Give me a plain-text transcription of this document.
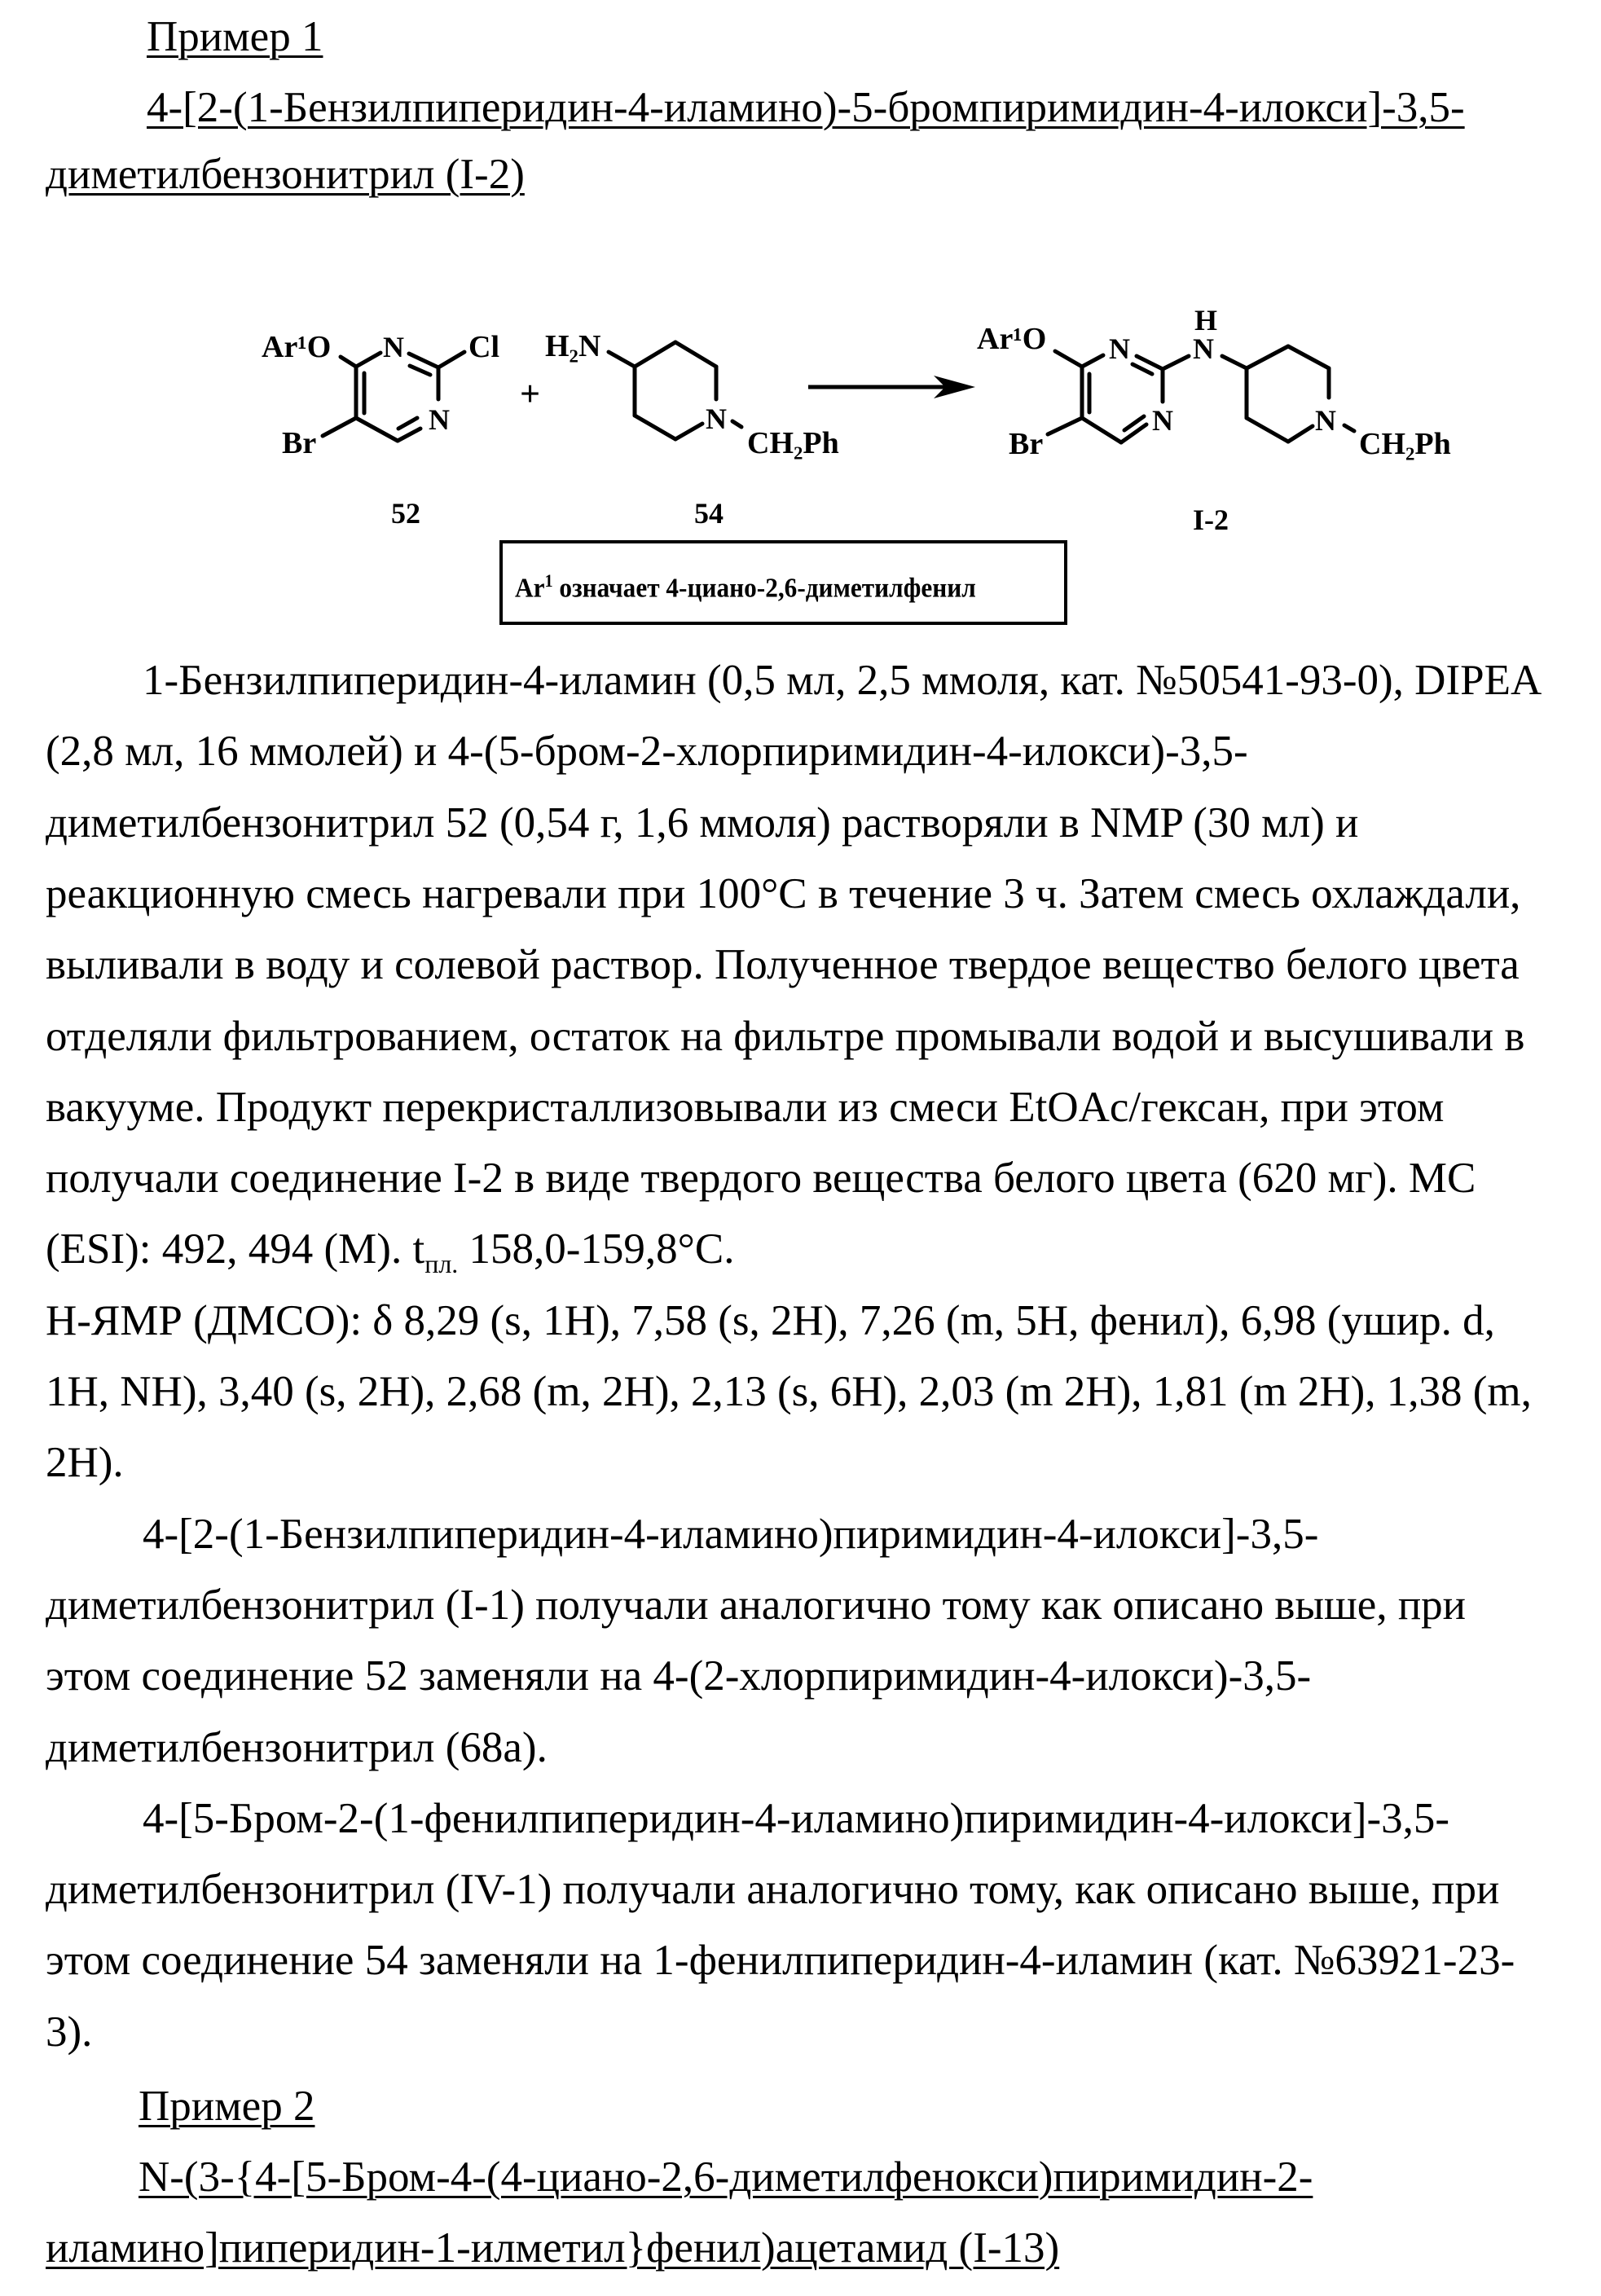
Пример 1
4-[2-(1-Бензилпиперидин-4-иламино)-5-бромпиримидин-4-илокси]-3,5-
диметилбензонитрил (I-2)
Ar¹O N Cl
N
Br
52
+
H₂N
N
CH₂Ph
54
Ar¹O N
H
N
N
Br
N
CH₂Ph
I-2
Ar$^1$ означает 4-циано-2,6-диметилфенил
1-Бензилпиперидин-4-иламин (0,5 мл, 2,5 ммоля, кат. №50541-93-0), DIPEA
(2,8 мл, 16 ммолей) и 4-(5-бром-2-хлорпиримидин-4-илокси)-3,5-
диметилбензонитрил 52 (0,54 г, 1,6 ммоля) растворяли в NMP (30 мл) и
реакционную смесь нагревали при 100°C в течение 3 ч. Затем смесь охлаждали,
выливали в воду и солевой раствор. Полученное твердое вещество белого цвета
отделяли фильтрованием, остаток на фильтре промывали водой и высушивали в
вакууме. Продукт перекристаллизовывали из смеси EtOAc/гексан, при этом
получали соединение I-2 в виде твердого вещества белого цвета (620 мг). МС
(ESI): 492, 494 (M). $t_{пл.}$ 158,0-159,8°C.
H-ЯМР (ДМСО): δ 8,29 (s, 1H), 7,58 (s, 2H), 7,26 (m, 5H, фенил), 6,98 (ушир. d,
1H, NH), 3,40 (s, 2H), 2,68 (m, 2H), 2,13 (s, 6H), 2,03 (m 2H), 1,81 (m 2H), 1,38 (m,
2H).
4-[2-(1-Бензилпиперидин-4-иламино)пиримидин-4-илокси]-3,5-
диметилбензонитрил (I-1) получали аналогично тому как описано выше, при
этом соединение 52 заменяли на 4-(2-хлорпиримидин-4-илокси)-3,5-
диметилбензонитрил (68a).
4-[5-Бром-2-(1-фенилпиперидин-4-иламино)пиримидин-4-илокси]-3,5-
диметилбензонитрил (IV-1) получали аналогично тому, как описано выше, при
этом соединение 54 заменяли на 1-фенилпиперидин-4-иламин (кат. №63921-23-
3).
Пример 2
N-(3-{4-[5-Бром-4-(4-циано-2,6-диметилфенокси)пиримидин-2-
иламино]пиперидин-1-илметил}фенил)ацетамид (I-13)
